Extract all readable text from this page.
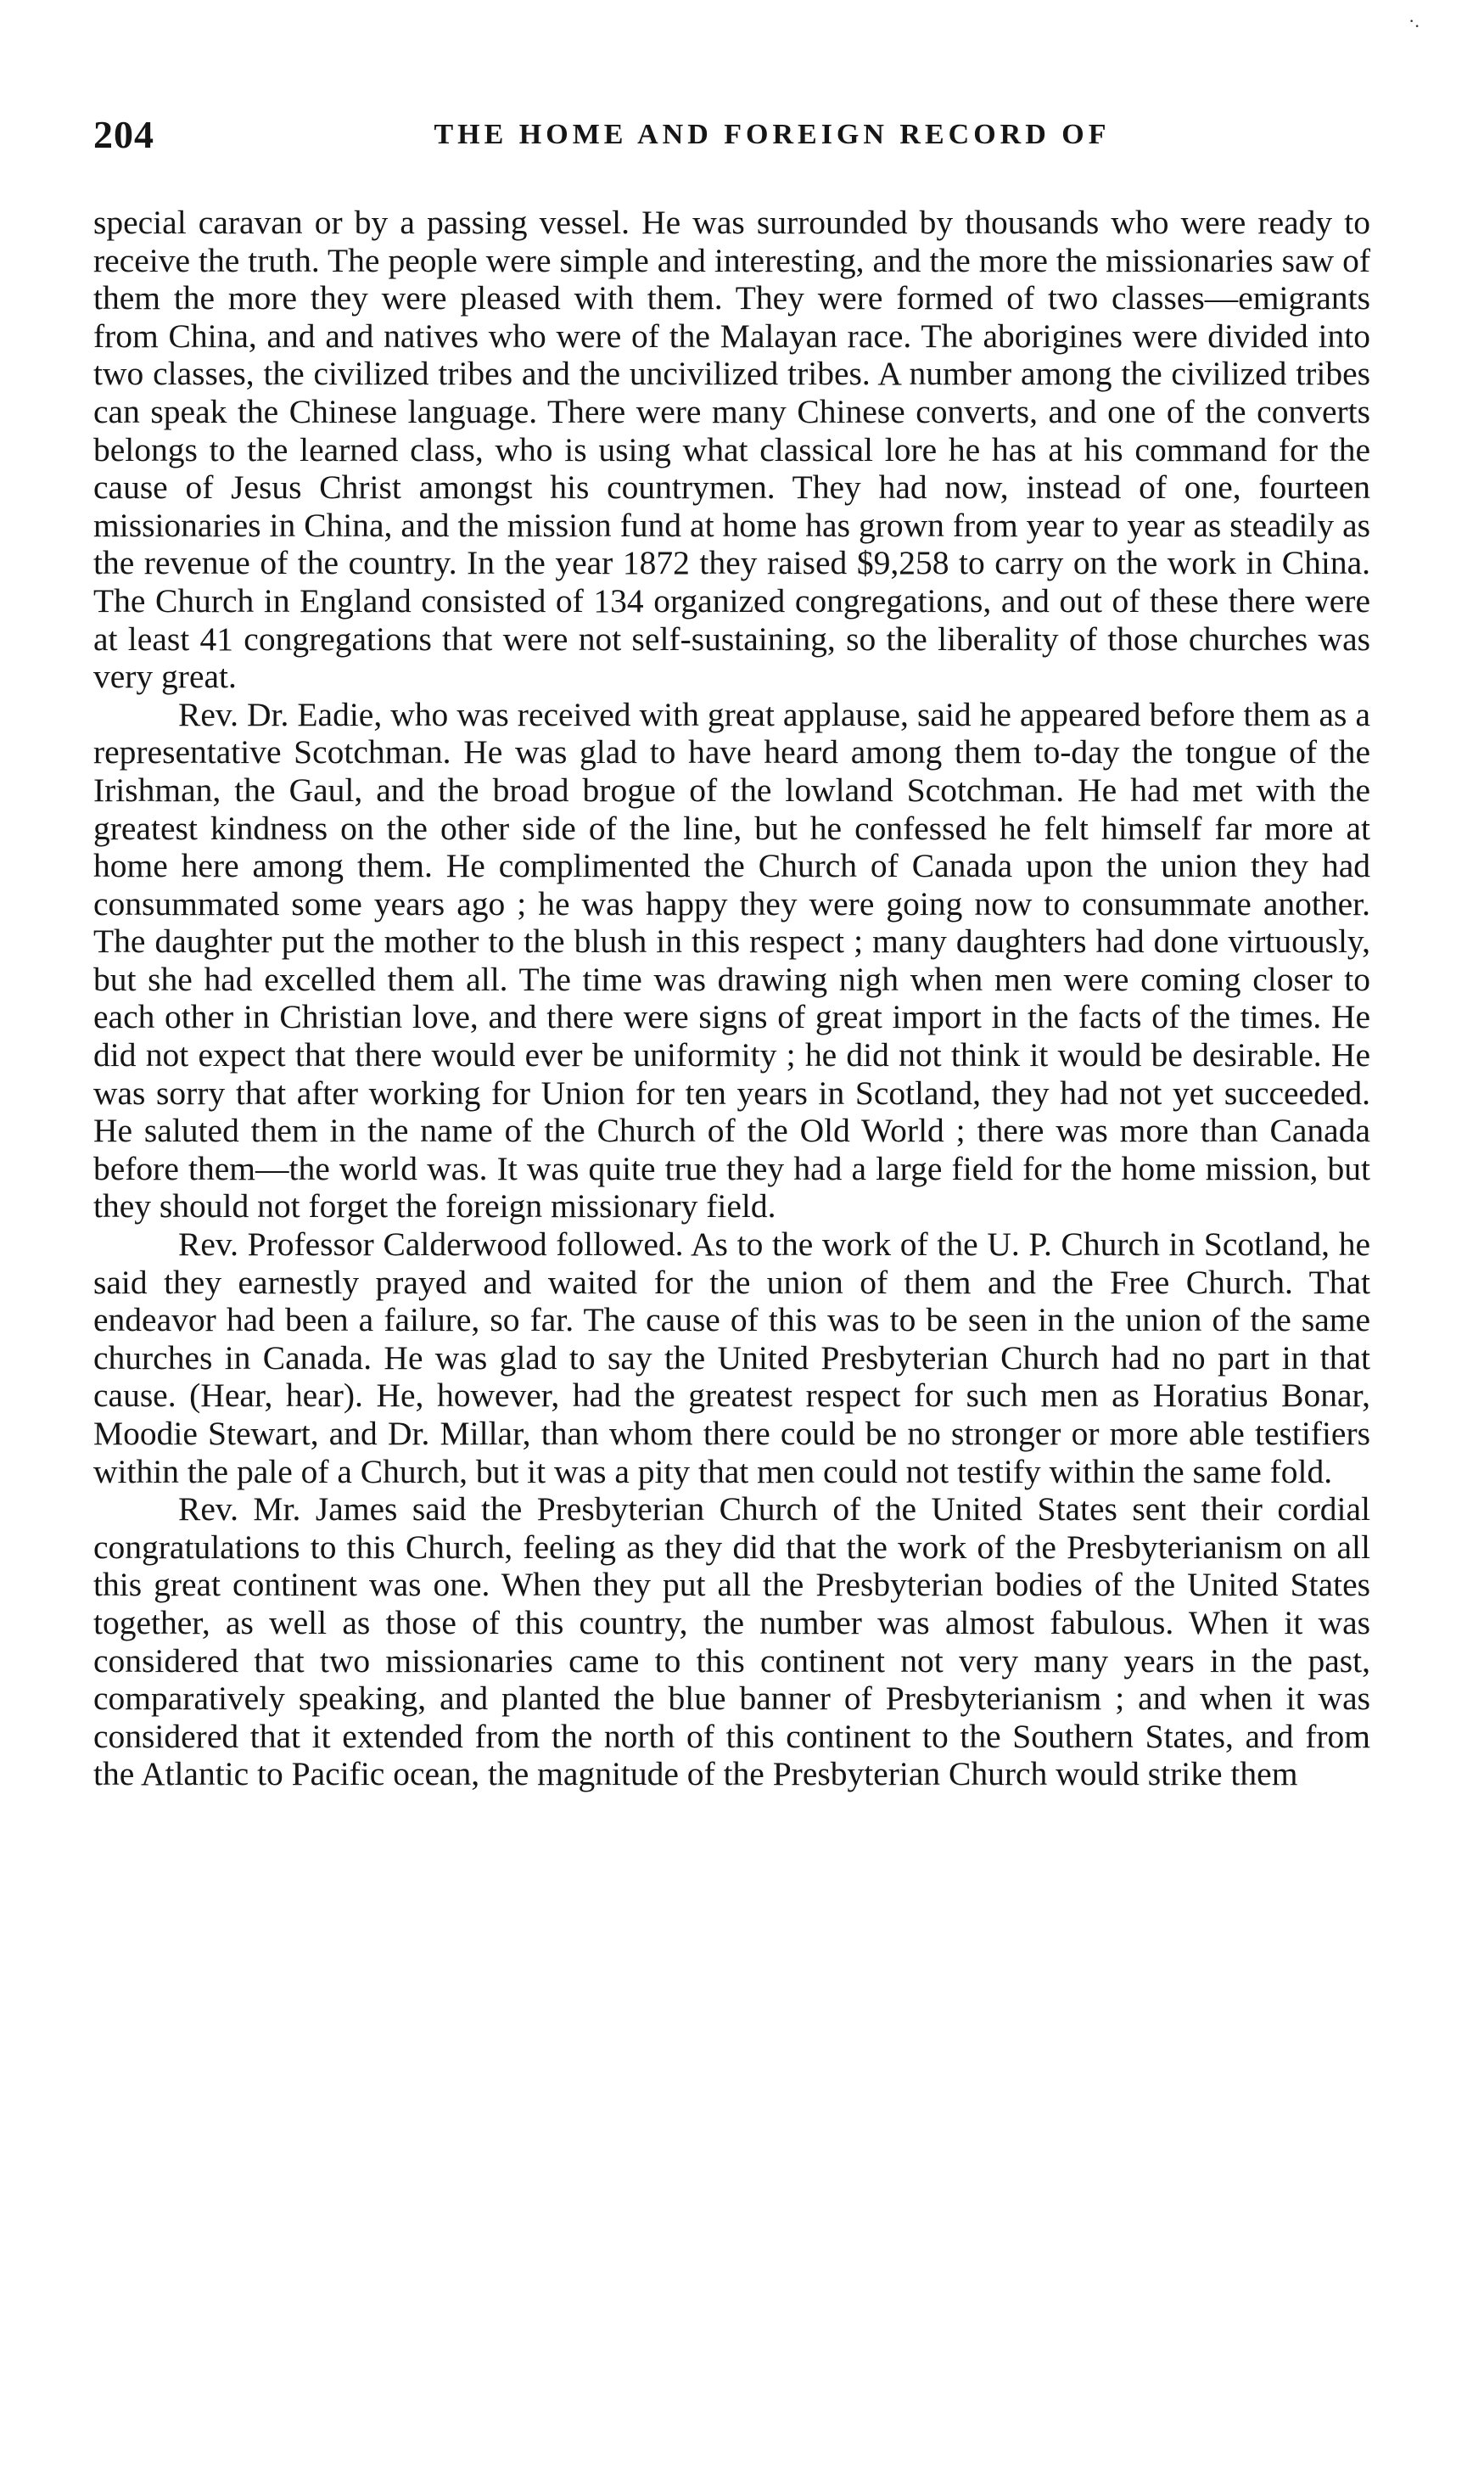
·.
204	THE HOME AND FOREIGN RECORD OF

special caravan or by a passing vessel. He was surrounded by thousands who were ready to receive the truth. The people were simple and interesting, and the more the missionaries saw of them the more they were pleased with them. They were formed of two classes—emigrants from China, and and natives who were of the Malayan race. The aborigines were divided into two classes, the civilized tribes and the uncivilized tribes. A number among the civilized tribes can speak the Chinese language. There were many Chinese converts, and one of the converts belongs to the learned class, who is using what classical lore he has at his command for the cause of Jesus Christ amongst his countrymen. They had now, instead of one, fourteen missionaries in China, and the mission fund at home has grown from year to year as steadily as the revenue of the country. In the year 1872 they raised $9,258 to carry on the work in China. The Church in England consisted of 134 organized congregations, and out of these there were at least 41 congregations that were not self-sustaining, so the liberality of those churches was very great.

Rev. Dr. Eadie, who was received with great applause, said he appeared before them as a representative Scotchman. He was glad to have heard among them to-day the tongue of the Irishman, the Gaul, and the broad brogue of the lowland Scotchman. He had met with the greatest kindness on the other side of the line, but he confessed he felt himself far more at home here among them. He complimented the Church of Canada upon the union they had consummated some years ago ; he was happy they were going now to consummate another. The daughter put the mother to the blush in this respect ; many daughters had done virtuously, but she had excelled them all. The time was drawing nigh when men were coming closer to each other in Christian love, and there were signs of great import in the facts of the times. He did not expect that there would ever be uniformity ; he did not think it would be desirable. He was sorry that after working for Union for ten years in Scotland, they had not yet succeeded. He saluted them in the name of the Church of the Old World ; there was more than Canada before them—the world was. It was quite true they had a large field for the home mission, but they should not forget the foreign missionary field.

Rev. Professor Calderwood followed. As to the work of the U. P. Church in Scotland, he said they earnestly prayed and waited for the union of them and the Free Church. That endeavor had been a failure, so far. The cause of this was to be seen in the union of the same churches in Canada. He was glad to say the United Presbyterian Church had no part in that cause. (Hear, hear). He, however, had the greatest respect for such men as Horatius Bonar, Moodie Stewart, and Dr. Millar, than whom there could be no stronger or more able testifiers within the pale of a Church, but it was a pity that men could not testify within the same fold.

Rev. Mr. James said the Presbyterian Church of the United States sent their cordial congratulations to this Church, feeling as they did that the work of the Presbyterianism on all this great continent was one. When they put all the Presbyterian bodies of the United States together, as well as those of this country, the number was almost fabulous. When it was considered that two missionaries came to this continent not very many years in the past, comparatively speaking, and planted the blue banner of Presbyterianism ; and when it was considered that it extended from the north of this continent to the Southern States, and from the Atlantic to Pacific ocean, the magnitude of the Presbyterian Church would strike them
